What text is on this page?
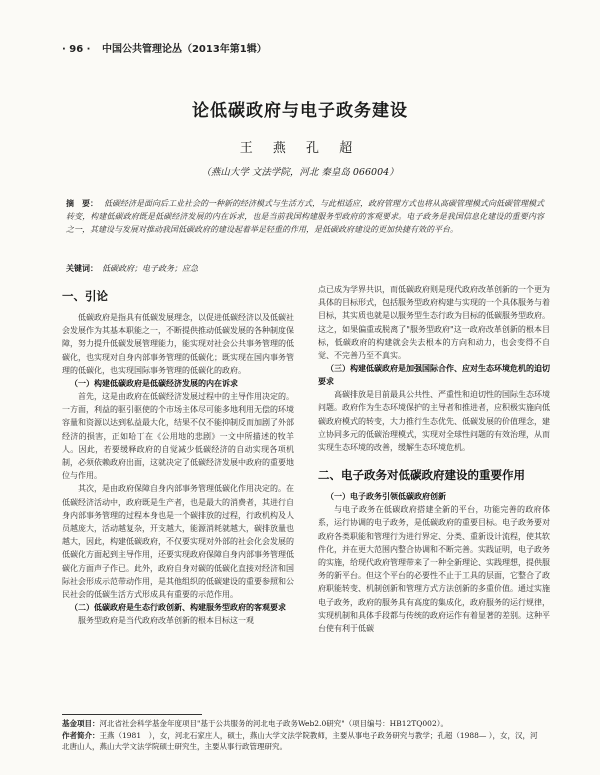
· 96 · 中国公共管理论丛（2013年第1辑）
论低碳政府与电子政务建设
王 燕 孔 超
（燕山大学 文法学院，河北 秦皇岛 066004）
摘　要： 低碳经济是面向后工业社会的一种新的经济模式与生活方式，与此相适应，政府管理方式也将从高碳管理模式向低碳管理模式转变，构建低碳政府既是低碳经济发展的内在诉求，也是当前我国构建服务型政府的客观要求。电子政务是我国信息化建设的重要内容之一，其建设与发展对推动我国低碳政府的建设起着举足轻重的作用，是低碳政府建设的更加快捷有效的平台。
关键词： 低碳政府；电子政务；应急
一、引论

低碳政府是指具有低碳发展理念，以促进低碳经济以及低碳社会发展作为其基本职能之一，不断提供推动低碳发展的各种制度保障，努力提升低碳发展管理能力，能实现对社会公共事务管理的低碳化，也实现对自身内部事务管理的低碳化；既实现在国内事务管理的低碳化，也实现国际事务管理的低碳化的政府。

（一）构建低碳政府是低碳经济发展的内在诉求

首先，这是由政府在低碳经济发展过程中的主导作用决定的。一方面，利益的驱引驱使的个市场主体尽可能多地利用无偿的环境容量和资源以达到私益最大化，结果不仅不能抑制反而加剧了外部经济的损害，正如哈丁在《公用地的悲剧》一文中所描述的牧羊人。因此，若要缓释政府的自觉减少低碳经济的自动实现各项机制，必须依赖政府出面，这就决定了低碳经济发展中政府的重要地位与作用。

其次，是由政府保障自身内部事务管理低碳化作用决定的。在低碳经济活动中，政府既是生产者，也是最大的消费者，其进行自身内部事务管理的过程本身也是一个碳排放的过程，行政机构及人员越庞大，活动越复杂，开支越大，能源消耗就越大，碳排放量也越大，因此，构建低碳政府，不仅要实现对外部的社会化会发展的低碳化方面起到主导作用，还要实现政府保障自身内部事务管理低碳化方面声子作已。此外，政府自身对碳的低碳化直接对经济和国际社会形成示范带动作用，是其他组织的低碳建设的重要参照和公民社会的低碳生活方式形成具有重要的示范作用。

（二）低碳政府是生态行政创新、构建服务型政府的客观要求

服务型政府是当代政府改革创新的根本目标这一观

点已成为学界共识，而低碳政府则是现代政府改革创新的一个更为具体的目标形式，包括服务型政府构建与实现的一个具体服务与着目标，其实质也就是以服务型生态行政为目标的低碳服务型政府。这之，如果偏重或脱离了"服务型政府"这一政府改革创新的根本目标，低碳政府的构建就会失去根本的方向和动力，也会变得不自觉、不完善乃至不真实。

（三）构建低碳政府是加强国际合作、应对生态环境危机的迫切要求

高碳排放是目前最具公共性、严重性和迫切性的国际生态环境问题。政府作为生态环境保护的主导者和推进者，应积极实施向低碳政府模式的转变，大力推行生态优先、低碳发展的价值理念，建立协同多元的低碳治理模式，实现对全球性问题的有效治理，从而实现生态环境的改善，缓解生态环境危机。

二、电子政务对低碳政府建设的重要作用
（一）电子政务引领低碳政府创新

与电子政务在低碳政府搭建全新的平台，功能完善的政府体系，运行协调的电子政务，是低碳政府的重要目标。电子政务要对政府各类职能和管理行为进行界定、分类、重新设计流程，使其软件化，并在更大范围内整合协调和不断完善。实践证明，电子政务的实施，给现代政府管理带来了一种全新理论、实践理想，提供服务的新平台。但这个平台的必要性不止于工具的层面，它整合了政府职能转变、机制创新和管理方式方法创新的多重价值。通过实施电子政务，政府的服务具有高度的集成化，政府服务的运行规律，实现机制和具体手段都与传统的政府运作有着显著的差别。这种平台使有利于低碳

基金项目：河北省社会科学基金年度项目"基于公共服务的河北电子政务Web2.0研究"（项目编号：HB12TQ002）。
作者简介：王燕（1981　），女，河北石家庄人，硕士，燕山大学文法学院教师，主要从事电子政务研究与教学；孔超（1988— ），女，汉，河北唐山人，燕山大学文法学院硕士研究生，主要从事行政管理研究。
